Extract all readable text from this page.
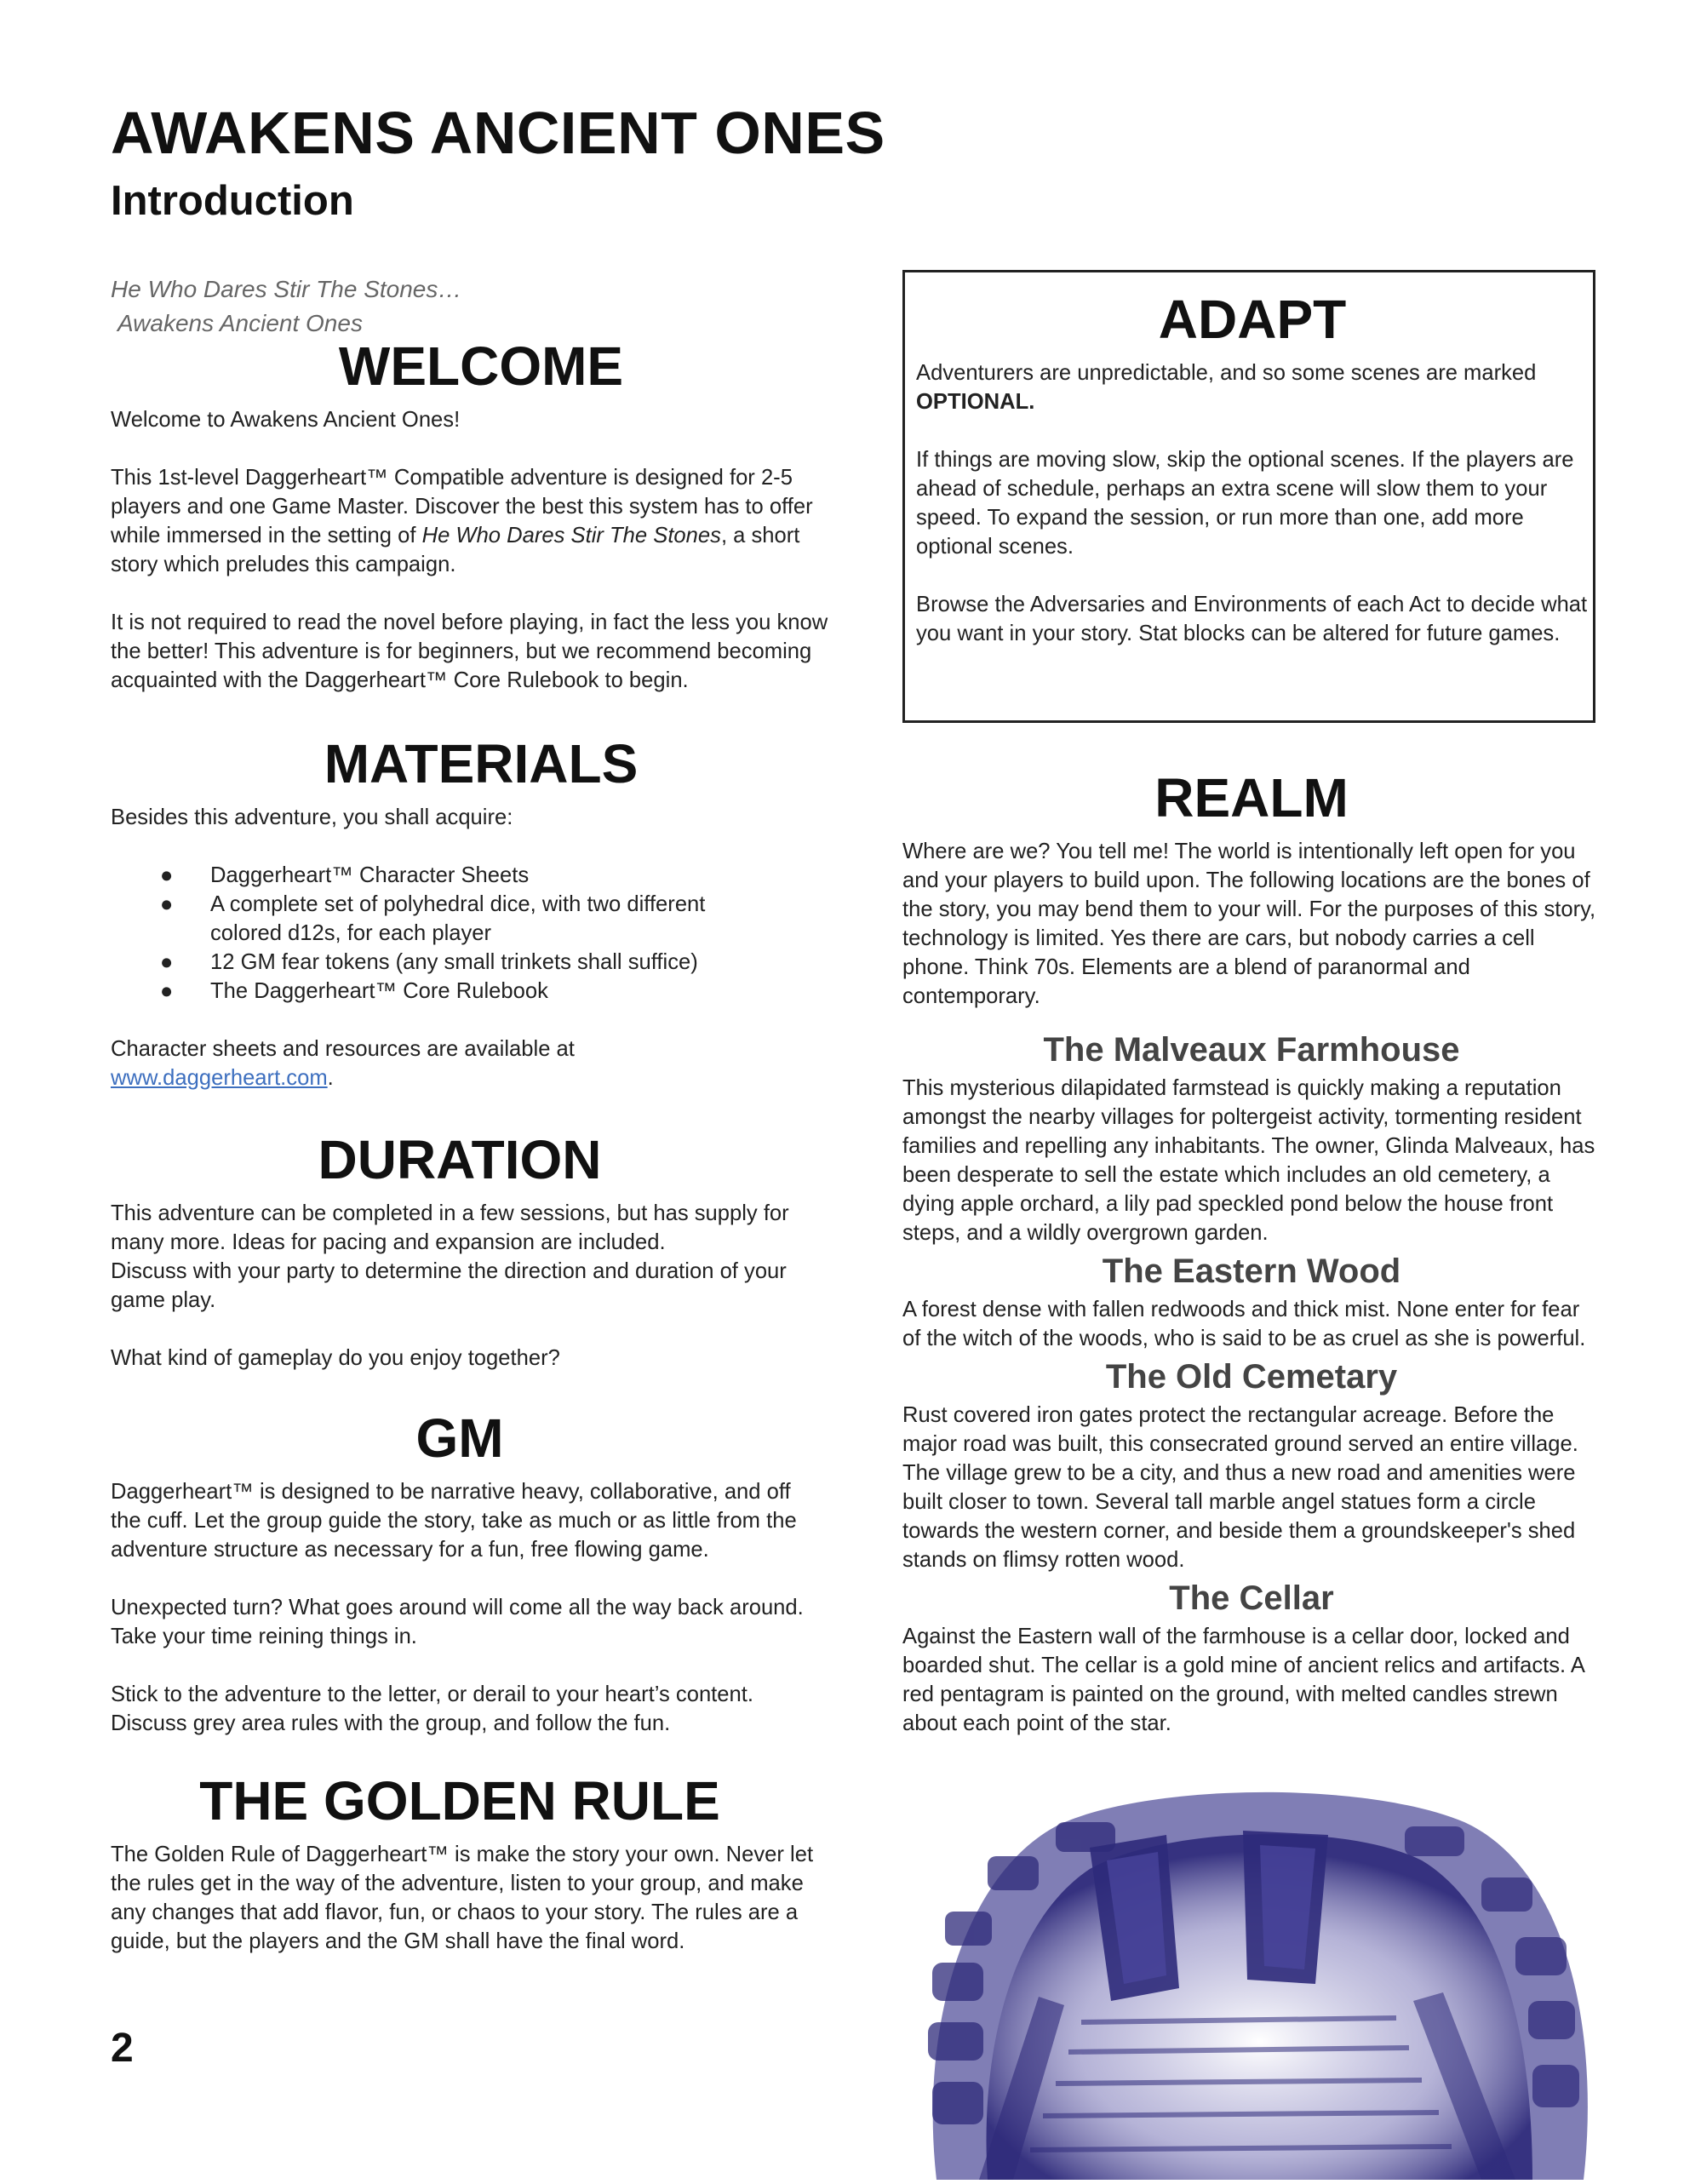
AWAKENS ANCIENT ONES
Introduction
He Who Dares Stir The Stones…
Awakens Ancient Ones
WELCOME

Welcome to Awakens Ancient Ones!

This 1st-level Daggerheart™ Compatible adventure is designed for 2-5 players and one Game Master. Discover the best this system has to offer while immersed in the setting of He Who Dares Stir The Stones, a short story which preludes this campaign.

It is not required to read the novel before playing, in fact the less you know the better! This adventure is for beginners, but we recommend becoming acquainted with the Daggerheart™ Core Rulebook to begin.

MATERIALS

Besides this adventure, you shall acquire:

● Daggerheart™ Character Sheets
● A complete set of polyhedral dice, with two different colored d12s, for each player
● 12 GM fear tokens (any small trinkets shall suffice)
● The Daggerheart™ Core Rulebook

Character sheets and resources are available at

www.daggerheart.com.

DURATION

This adventure can be completed in a few sessions, but has supply for many more. Ideas for pacing and expansion are included.

Discuss with your party to determine the direction and duration of your game play.

What kind of gameplay do you enjoy together?

GM

Daggerheart™ is designed to be narrative heavy, collaborative, and off the cuff. Let the group guide the story, take as much or as little from the adventure structure as necessary for a fun, free flowing game.

Unexpected turn? What goes around will come all the way back around. Take your time reining things in.

Stick to the adventure to the letter, or derail to your heart’s content. Discuss grey area rules with the group, and follow the fun.

THE GOLDEN RULE

The Golden Rule of Daggerheart™ is make the story your own. Never let the rules get in the way of the adventure, listen to your group, and make any changes that add flavor, fun, or chaos to your story. The rules are a guide, but the players and the GM shall have the final word.

ADAPT

Adventurers are unpredictable, and so some scenes are marked

OPTIONAL.

If things are moving slow, skip the optional scenes. If the players are ahead of schedule, perhaps an extra scene will slow them to your speed. To expand the session, or run more than one, add more optional scenes.

Browse the Adversaries and Environments of each Act to decide what you want in your story. Stat blocks can be altered for future games.

REALM

Where are we? You tell me! The world is intentionally left open for you and your players to build upon. The following locations are the bones of the story, you may bend them to your will. For the purposes of this story, technology is limited. Yes there are cars, but nobody carries a cell phone. Think 70s. Elements are a blend of paranormal and contemporary.

The Malveaux Farmhouse

This mysterious dilapidated farmstead is quickly making a reputation amongst the nearby villages for poltergeist activity, tormenting resident families and repelling any inhabitants. The owner, Glinda Malveaux, has been desperate to sell the estate which includes an old cemetery, a dying apple orchard, a lily pad speckled pond below the house front steps, and a wildly overgrown garden.

The Eastern Wood

A forest dense with fallen redwoods and thick mist. None enter for fear of the witch of the woods, who is said to be as cruel as she is powerful.

The Old Cemetary

Rust covered iron gates protect the rectangular acreage. Before the major road was built, this consecrated ground served an entire village. The village grew to be a city, and thus a new road and amenities were built closer to town. Several tall marble angel statues form a circle towards the western corner, and beside them a groundskeeper's shed stands on flimsy rotten wood.

The Cellar

Against the Eastern wall of the farmhouse is a cellar door, locked and boarded shut. The cellar is a gold mine of ancient relics and artifacts. A red pentagram is painted on the ground, with melted candles strewn about each point of the star.

2
